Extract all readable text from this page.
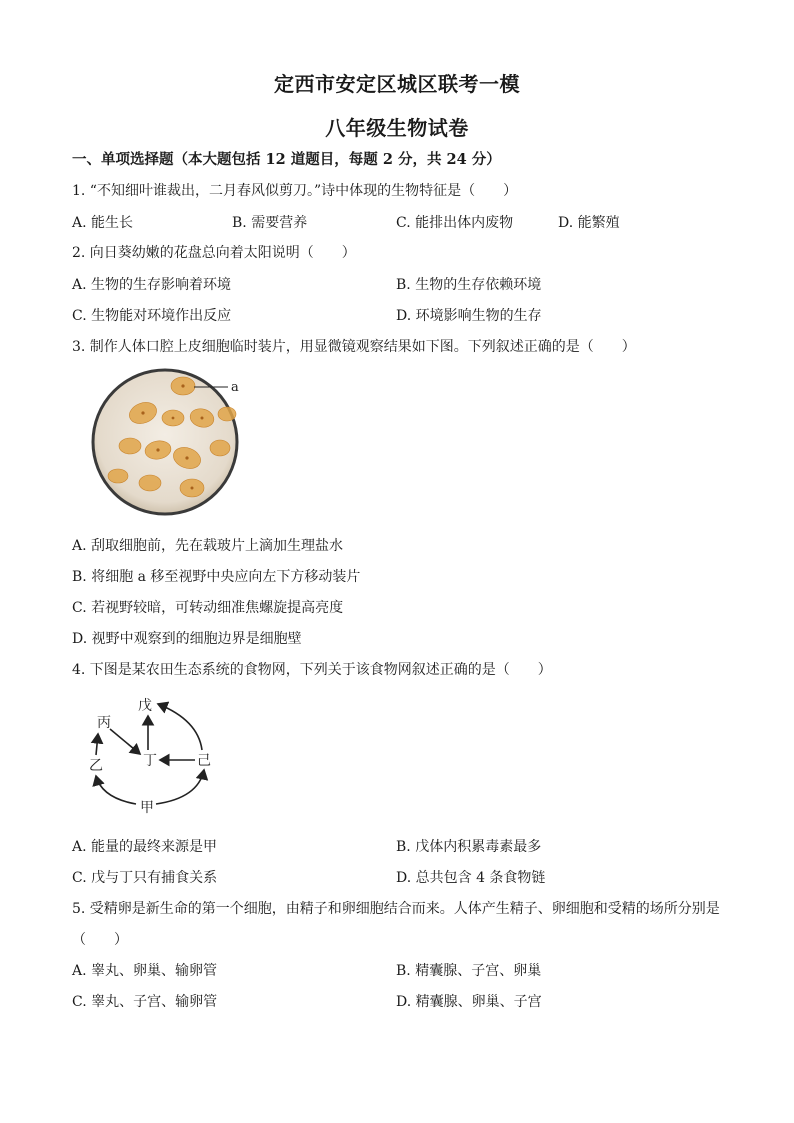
定西市安定区城区联考一模
八年级生物试卷
一、单项选择题（本大题包括 12 道题目，每题 2 分，共 24 分）
1. “不知细叶谁裁出，二月春风似剪刀。”诗中体现的生物特征是（　　）
A. 能生长	B. 需要营养	C. 能排出体内废物	D. 能繁殖
2. 向日葵幼嫩的花盘总向着太阳说明（　　）
A. 生物的生存影响着环境	B. 生物的生存依赖环境
C. 生物能对环境作出反应	D. 环境影响生物的生存
3. 制作人体口腔上皮细胞临时装片，用显微镜观察结果如下图。下列叙述正确的是（　　）
a
A. 刮取细胞前，先在载玻片上滴加生理盐水
B. 将细胞 a 移至视野中央应向左下方移动装片
C. 若视野较暗，可转动细准焦螺旋提高亮度
D. 视野中观察到的细胞边界是细胞壁
4. 下图是某农田生态系统的食物网，下列关于该食物网叙述正确的是（　　）
戊
丙
丁	己
乙
甲
A. 能量的最终来源是甲	B. 戊体内积累毒素最多
C. 戊与丁只有捕食关系	D. 总共包含 4 条食物链
5. 受精卵是新生命的第一个细胞，由精子和卵细胞结合而来。人体产生精子、卵细胞和受精的场所分别是
（　　）
A. 睾丸、卵巢、输卵管	B. 精囊腺、子宫、卵巢
C. 睾丸、子宫、输卵管	D. 精囊腺、卵巢、子宫
